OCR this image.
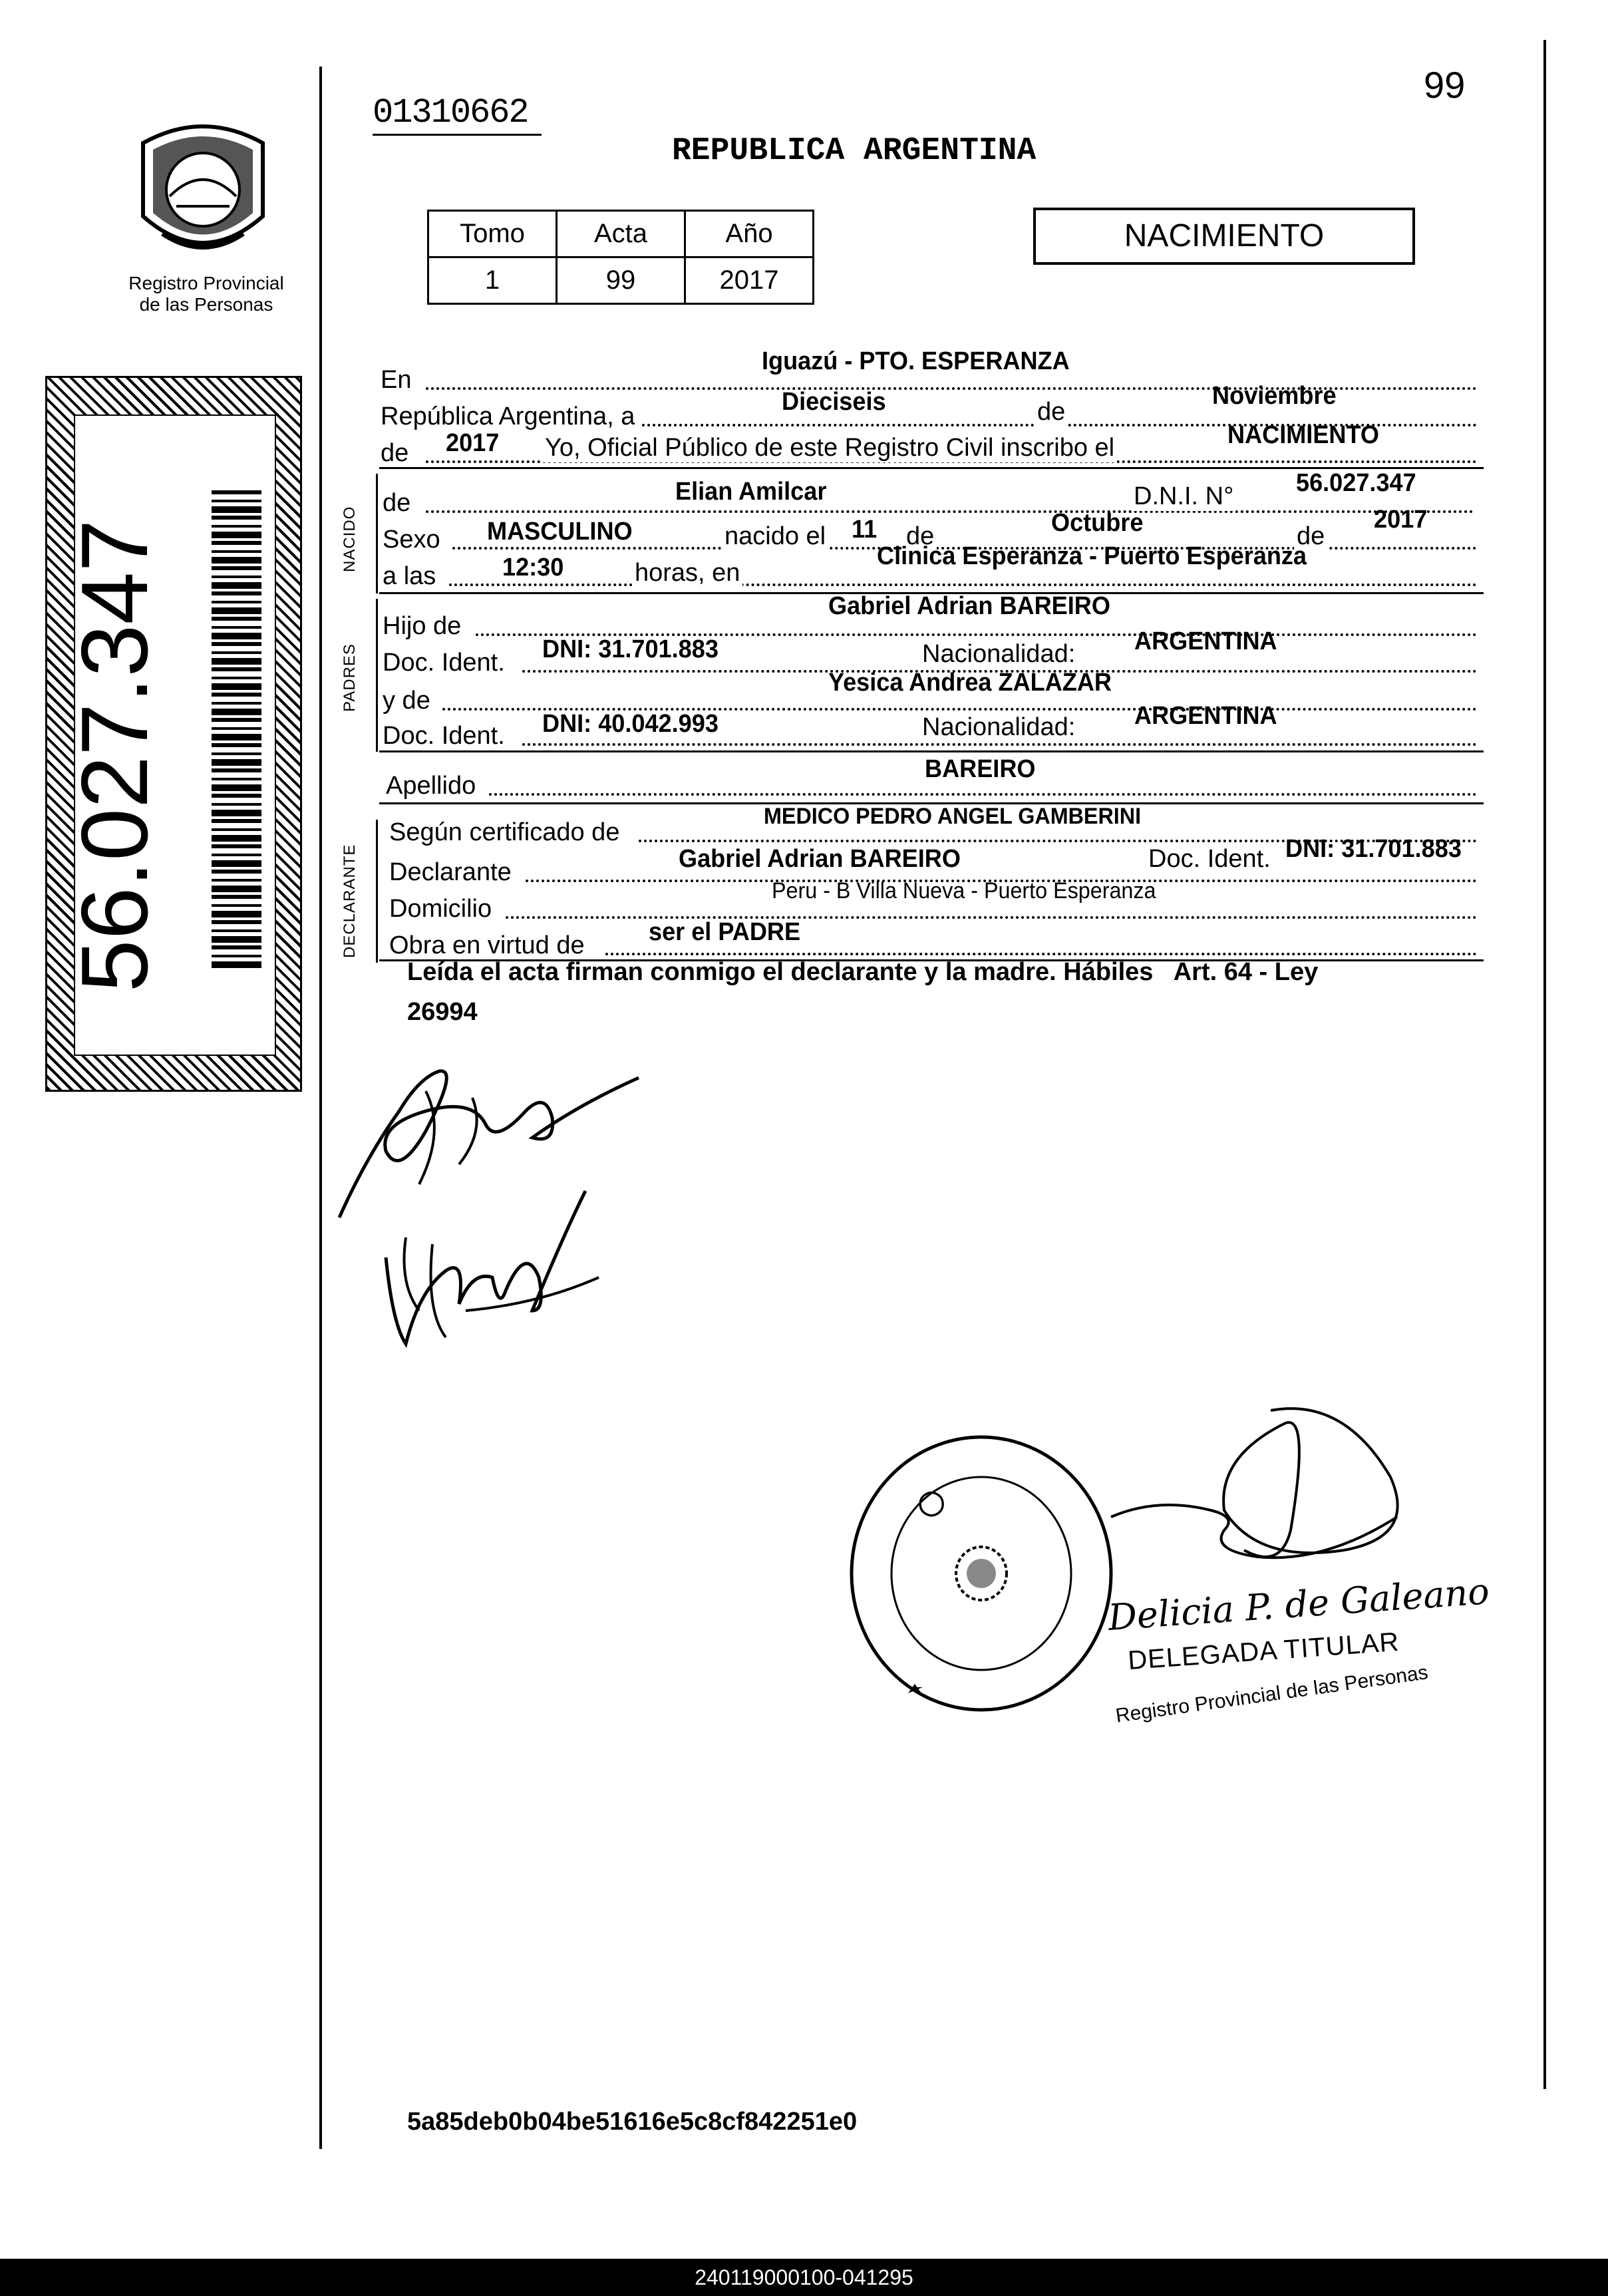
Registro Provincial
de las Personas
56.027.347
99
01310662
REPUBLICA ARGENTINA
Tomo	Acta	Año
1	99	2017
NACIMIENTO
En
Iguazú - PTO. ESPERANZA
República Argentina, a
Dieciseis	de
Noviembre
de 2017 Yo, Oficial Público de este Registro Civil inscribo el	NACIMIENTO
NACIDO
de	Elian Amilcar	D.N.I. N° 56.027.347
Sexo MASCULINO	nacido el 11 de	Octubre	de
2017
a las	12:30	horas, en
Clinica Esperanza - Puerto Esperanza
PADRES
Hijo de
Gabriel Adrian BAREIRO
Doc. Ident. DNI: 31.701.883	Nacionalidad: ARGENTINA
y de
Yesica Andrea ZALAZAR
Doc. Ident. DNI: 40.042.993	Nacionalidad: ARGENTINA
Apellido
BAREIRO
DECLARANTE
Según certificado de
MEDICO PEDRO ANGEL GAMBERINI
Declarante	Gabriel Adrian BAREIRO	Doc. Ident. DNI: 31.701.883
Domicilio
Peru - B Villa Nueva - Puerto Esperanza
Obra en virtud de	ser el PADRE
Leída el acta firman conmigo el declarante y la madre. Hábiles   Art. 64 - Ley
26994
◯
Delicia P. de Galeano
DELEGADA TITULAR
Registro Provincial de las Personas
5a85deb0b04be51616e5c8cf842251e0
240119000100-041295
